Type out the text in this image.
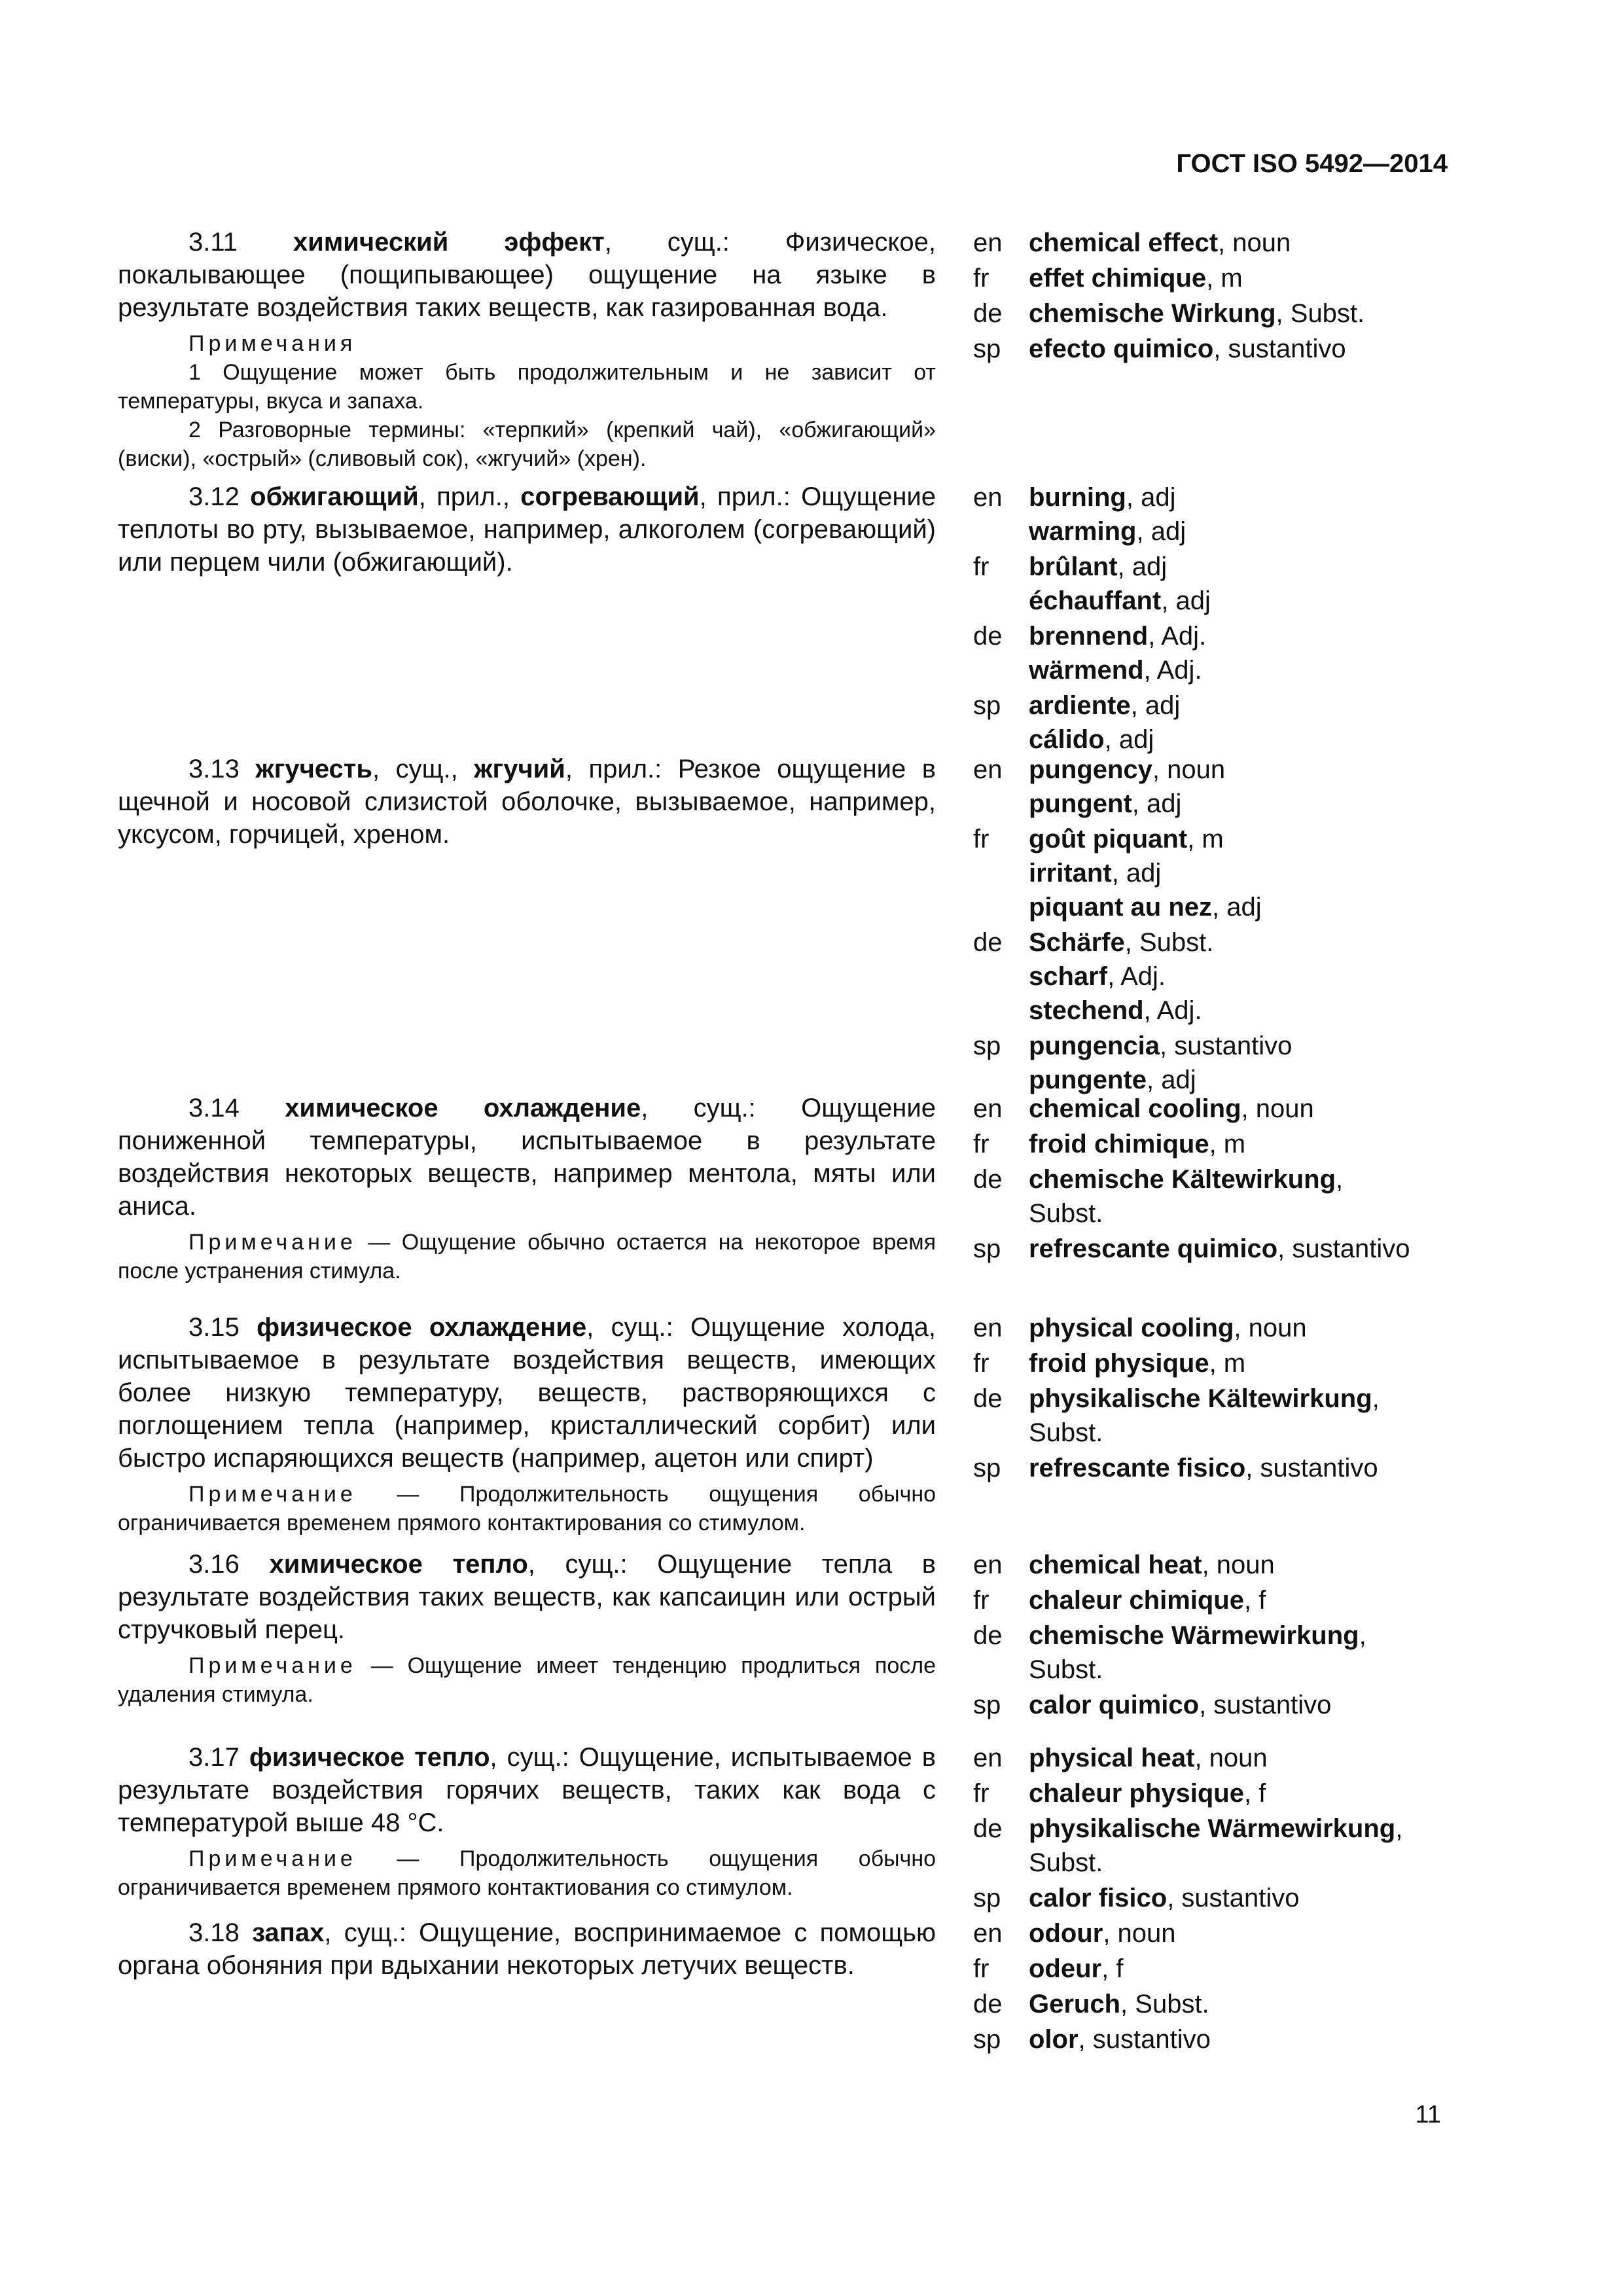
ГОСТ ISO 5492—2014

3.11 химический эффект, сущ.: Физическое, покалывающее (пощипывающее) ощущение на языке в результате воздействия таких веществ, как газированная вода.

Примечания
1 Ощущение может быть продолжительным и не зависит от температуры, вкуса и запаха.
2 Разговорные термины: «терпкий» (крепкий чай), «обжигающий» (виски), «острый» (сливовый сок), «жгучий» (хрен).
en	chemical effect, noun
fr	effet chimique, m
de	chemische Wirkung, Subst.
sp	efecto quimico, sustantivo

3.12 обжигающий, прил., согревающий, прил.: Ощущение теплоты во рту, вызываемое, например, алкоголем (согревающий) или перцем чили (обжигающий).

en	burning, adj
warming, adj
fr	brûlant, adj
échauffant, adj
de	brennend, Adj.
wärmend, Adj.
sp	ardiente, adj
cálido, adj

3.13 жгучесть, сущ., жгучий, прил.: Резкое ощущение в щечной и носовой слизистой оболочке, вызываемое, например, уксусом, горчицей, хреном.

en	pungency, noun
pungent, adj
fr	goût piquant, m
irritant, adj
piquant au nez, adj
de	Schärfe, Subst.
scharf, Adj.
stechend, Adj.
sp	pungencia, sustantivo
pungente, adj

3.14 химическое охлаждение, сущ.: Ощущение пониженной температуры, испытываемое в результате воздействия некоторых веществ, например ментола, мяты или аниса.

Примечание — Ощущение обычно остается на некоторое время после устранения стимула.
en	chemical cooling, noun
fr	froid chimique, m
de	chemische Kältewirkung,
Subst.
sp	refrescante quimico, sustantivo

3.15 физическое охлаждение, сущ.: Ощущение холода, испытываемое в результате воздействия веществ, имеющих более низкую температуру, веществ, растворяющихся с поглощением тепла (например, кристаллический сорбит) или быстро испаряющихся веществ (например, ацетон или спирт)

Примечание — Продолжительность ощущения обычно ограничивается временем прямого контактирования со стимулом.
en	physical cooling, noun
fr	froid physique, m
de	physikalische Kältewirkung,
Subst.
sp	refrescante fisico, sustantivo

3.16 химическое тепло, сущ.: Ощущение тепла в результате воздействия таких веществ, как капсаицин или острый стручковый перец.

Примечание — Ощущение имеет тенденцию продлиться после удаления стимула.
en	chemical heat, noun
fr	chaleur chimique, f
de	chemische Wärmewirkung,
Subst.
sp	calor quimico, sustantivo

3.17 физическое тепло, сущ.: Ощущение, испытываемое в результате воздействия горячих веществ, таких как вода с температурой выше 48 °C.

Примечание — Продолжительность ощущения обычно ограничивается временем прямого контактиования со стимулом.
en	physical heat, noun
fr	chaleur physique, f
de	physikalische Wärmewirkung,
Subst.
sp	calor fisico, sustantivo

3.18 запах, сущ.: Ощущение, воспринимаемое с помощью органа обоняния при вдыхании некоторых летучих веществ.

en	odour, noun
fr	odeur, f
de	Geruch, Subst.
sp	olor, sustantivo
11
